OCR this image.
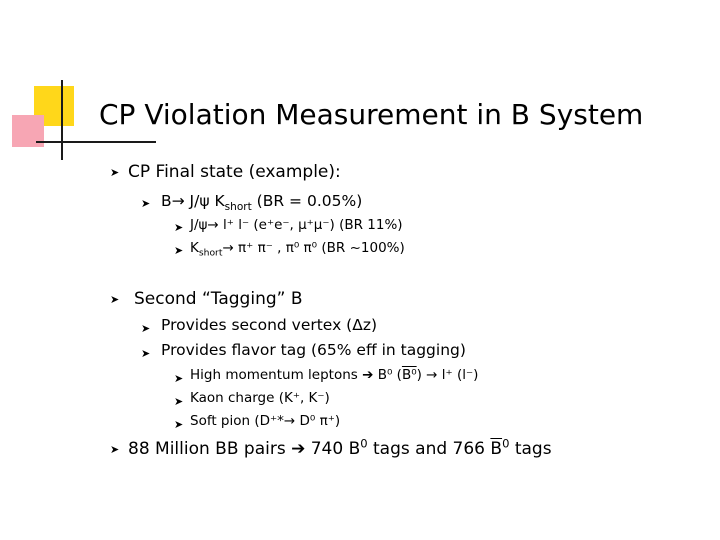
CP Violation Measurement in B System
➤ CP Final state (example):
➤ B→ J/ψ $K_{short}$ (BR = 0.05%)
➤ J/ψ→ l⁺ l⁻ (e⁺e⁻, μ⁺μ⁻) (BR 11%)
➤ $K_{short}\to \pi^+$ π⁻ , π⁰ π⁰ (BR ~100%)
➤ Second “Tagging” B
➤ Provides second vertex (Δz)
➤ Provides flavor tag (65% eff in tagging)
➤ High momentum leptons ➔ B⁰ (B⁰) → l⁺ (l⁻)
➤ Kaon charge (K⁺, K⁻)
➤ Soft pion (D⁺*→ D⁰ π⁺)
➤ 88 Million BB pairs ➔ 740 $B^0$ tags and 766 $\overline{B}^0$ tags
